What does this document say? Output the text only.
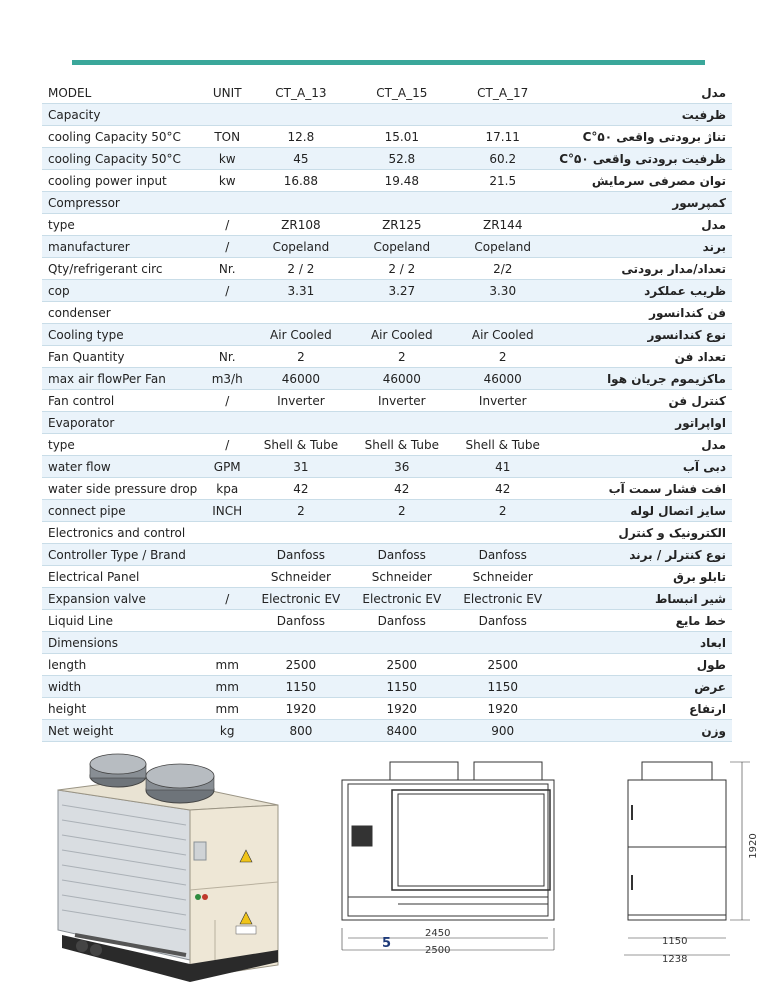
MODEL	UNIT	CT_A_13	CT_A_15	CT_A_17	مدل
Capacity					ظرفیت
cooling Capacity 50°C	TON	12.8	15.01	17.11	تناژ برودتی واقعی ۵۰°C
cooling Capacity 50°C	kw	45	52.8	60.2	ظرفیت برودتی واقعی ۵۰°C
cooling power input	kw	16.88	19.48	21.5	توان مصرفی سرمایش
Compressor					کمپرسور
type	/	ZR108	ZR125	ZR144	مدل
manufacturer	/	Copeland	Copeland	Copeland	برند
Qty/refrigerant circ	Nr.	2 / 2	2 / 2	2/2	تعداد/مدار برودتی
cop	/	3.31	3.27	3.30	ظریب عملکرد
condenser					فن کندانسور
Cooling type		Air Cooled	Air Cooled	Air Cooled	نوع کندانسور
Fan Quantity	Nr.	2	2	2	تعداد فن
max air flowPer Fan	m3/h	46000	46000	46000	ماکزیموم جریان هوا
Fan control	/	Inverter	Inverter	Inverter	کنترل فن
Evaporator					اواپراتور
type	/	Shell & Tube	Shell & Tube	Shell & Tube	مدل
water flow	GPM	31	36	41	دبی آب
water side pressure drop	kpa	42	42	42	افت فشار سمت آب
connect pipe	INCH	2	2	2	سایز اتصال لوله
Electronics and control					الکترونیک و کنترل
Controller Type / Brand		Danfoss	Danfoss	Danfoss	نوع کنترلر / برند
Electrical Panel		Schneider	Schneider	Schneider	تابلو برق
Expansion valve	/	Electronic EV	Electronic EV	Electronic EV	شیر انبساط
Liquid Line		Danfoss	Danfoss	Danfoss	خط مایع
Dimensions					ابعاد
length	mm	2500	2500	2500	طول
width	mm	1150	1150	1150	عرض
height	mm	1920	1920	1920	ارتفاع
Net weight	kg	800	8400	900	وزن
2450
2500
5
1920
1150
1238
